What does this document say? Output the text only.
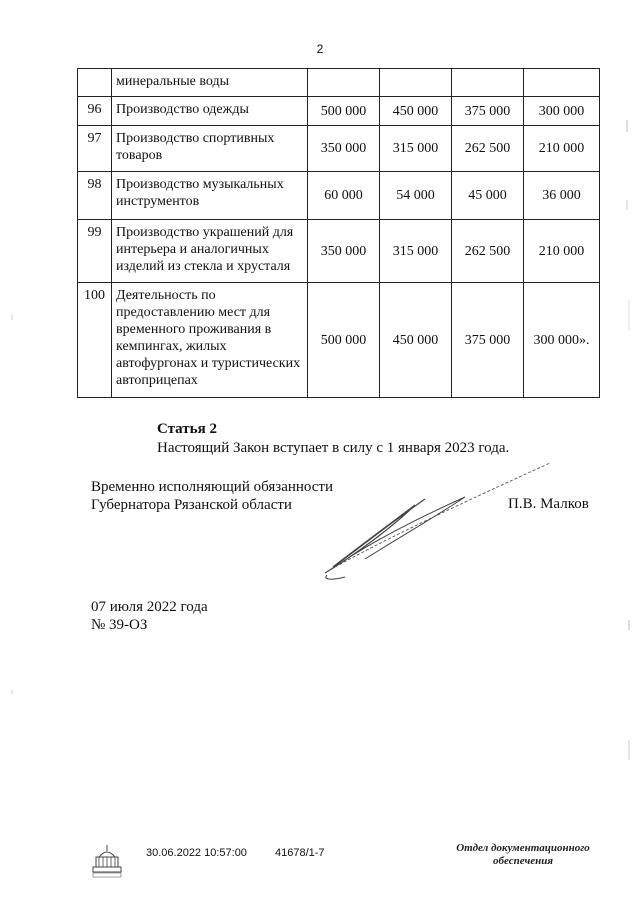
2
	минеральные воды				
96	Производство одежды	500 000	450 000	375 000	300 000
97	Производство спортивных товаров	350 000	315 000	262 500	210 000
98	Производство музыкальных инструментов	60 000	54 000	45 000	36 000
99	Производство украшений для интерьера и аналогичных изделий из стекла и хрусталя	350 000	315 000	262 500	210 000
100	Деятельность по предоставлению мест для временного проживания в кемпингах, жилых автофургонах и туристических автоприцепах	500 000	450 000	375 000	300 000».
Статья 2
Настоящий Закон вступает в силу с 1 января 2023 года.
Временно исполняющий обязанности
Губернатора Рязанской области	П.В. Малков
07 июля 2022 года
№ 39-ОЗ
30.06.2022 10:57:00	41678/1-7	Отдел документационного
обеспечения
